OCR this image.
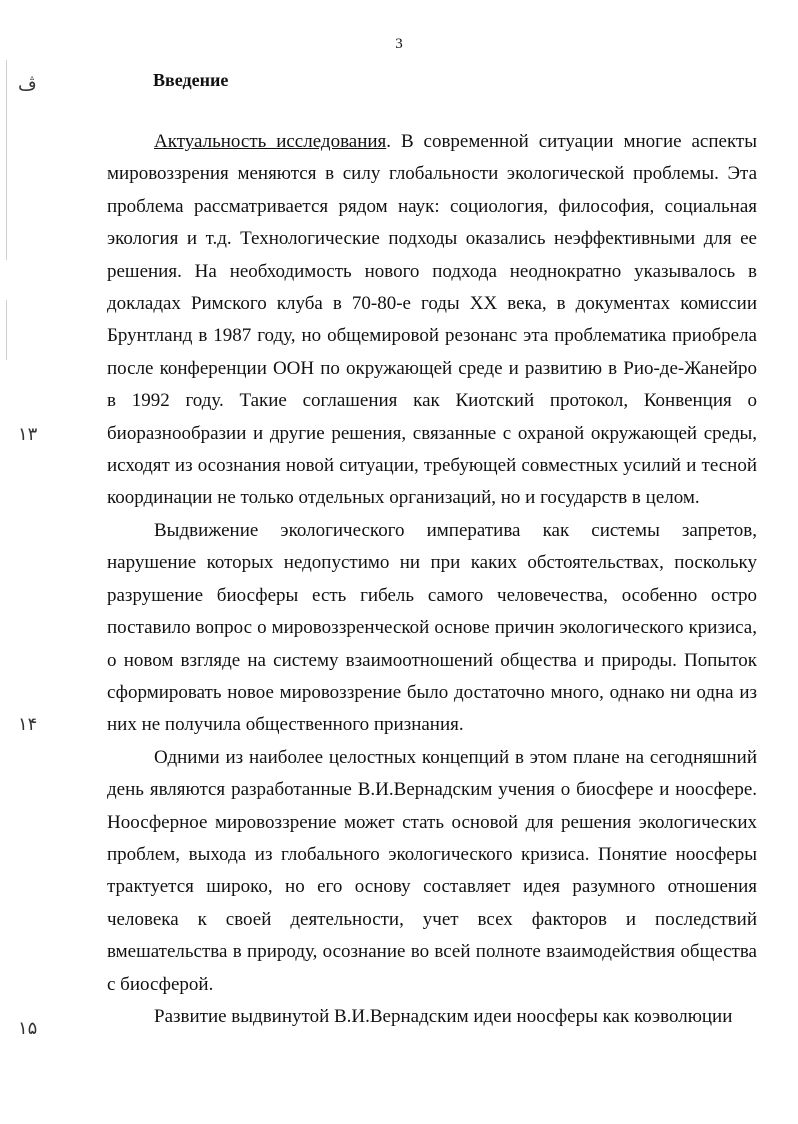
3
ڤ
۱۳
۱۴
۱۵
Введение

Актуальность исследования. В современной ситуации многие аспекты мировоззрения меняются в силу глобальности экологической проблемы. Эта проблема рассматривается рядом наук: социология, философия, социальная экология и т.д. Технологические подходы оказались неэффективными для ее решения. На необходимость нового подхода неоднократно указывалось в докладах Римского клуба в 70-80-е годы XX века, в документах комиссии Брунтланд в 1987 году, но общемировой резонанс эта проблематика приобрела после конференции ООН по окружающей среде и развитию в Рио-де-Жанейро в 1992 году. Такие соглашения как Киотский протокол, Конвенция о биоразнообразии и другие решения, связанные с охраной окружающей среды, исходят из осознания новой ситуации, требующей совместных усилий и тесной координации не только отдельных организаций, но и государств в целом.

Выдвижение экологического императива как системы запретов, нарушение которых недопустимо ни при каких обстоятельствах, поскольку разрушение биосферы есть гибель самого человечества, особенно остро поставило вопрос о мировоззренческой основе причин экологического кризиса, о новом взгляде на систему взаимоотношений общества и природы. Попыток сформировать новое мировоззрение было достаточно много, однако ни одна из них не получила общественного признания.

Одними из наиболее целостных концепций в этом плане на сегодняшний день являются разработанные В.И.Вернадским учения о биосфере и ноосфере. Ноосферное мировоззрение может стать основой для решения экологических проблем, выхода из глобального экологического кризиса. Понятие ноосферы трактуется широко, но его основу составляет идея разумного отношения человека к своей деятельности, учет всех факторов и последствий вмешательства в природу, осознание во всей полноте взаимодействия общества с биосферой.

Развитие выдвинутой В.И.Вернадским идеи ноосферы как коэволюции
